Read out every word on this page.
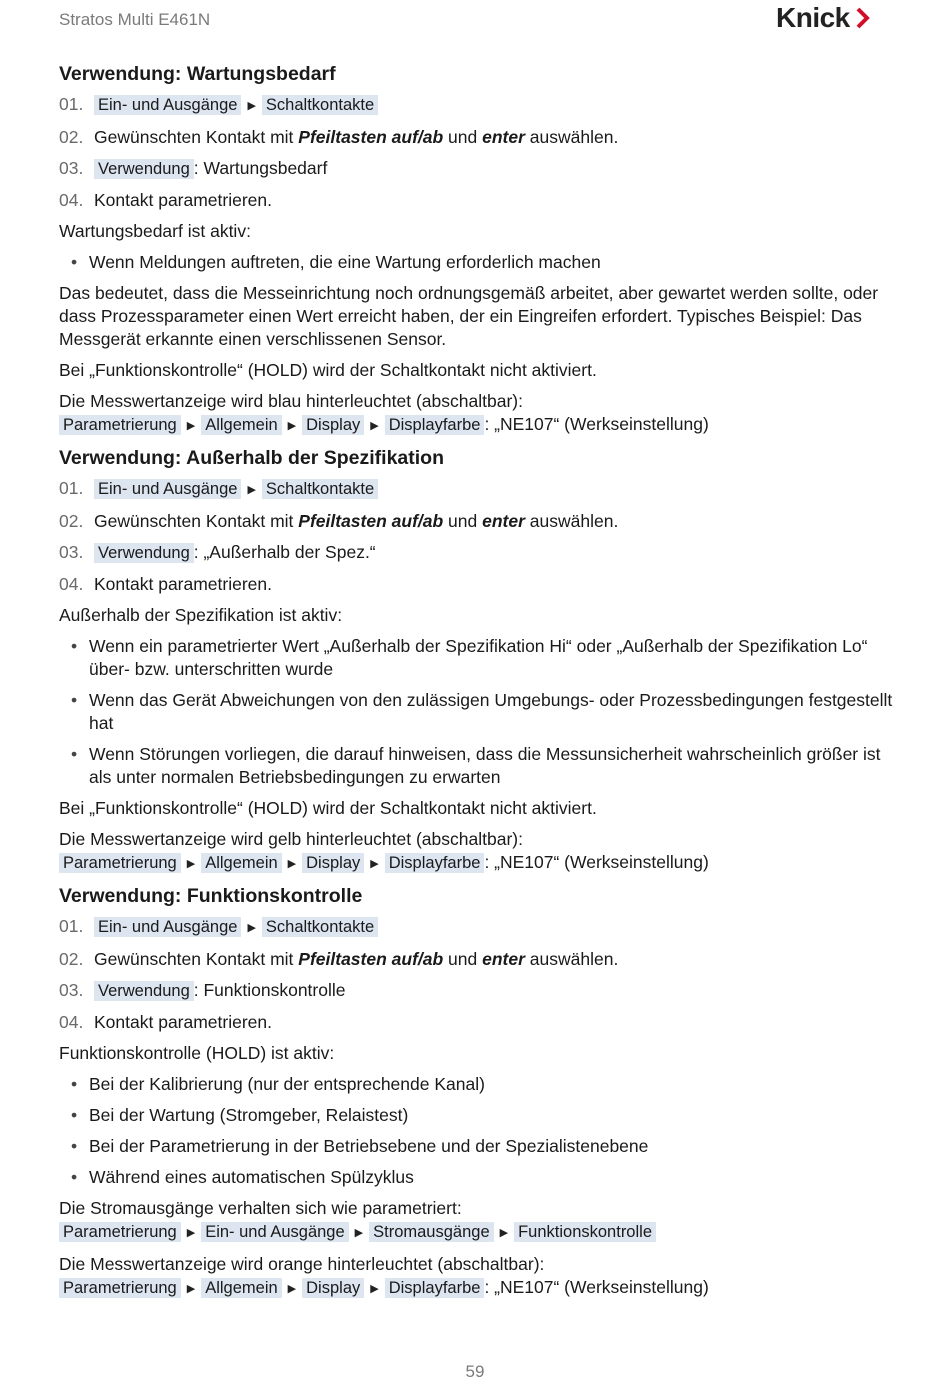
Stratos Multi E461N	Knick
Verwendung: Wartungsbedarf
01. Ein- und Ausgänge ▶ Schaltkontakte
02. Gewünschten Kontakt mit Pfeiltasten auf/ab und enter auswählen.
03. Verwendung : Wartungsbedarf
04. Kontakt parametrieren.

Wartungsbedarf ist aktiv:

• Wenn Meldungen auftreten, die eine Wartung erforderlich machen

Das bedeutet, dass die Messeinrichtung noch ordnungsgemäß arbeitet, aber gewartet werden sollte, oder dass Prozessparameter einen Wert erreicht haben, der ein Eingreifen erfordert. Typisches Beispiel: Das Messgerät erkannte einen verschlissenen Sensor.

Bei „Funktionskontrolle“ (HOLD) wird der Schaltkontakt nicht aktiviert.

Die Messwertanzeige wird blau hinterleuchtet (abschaltbar):
Parametrierung ▶ Allgemein ▶ Display ▶ Displayfarbe : „NE107“ (Werkseinstellung)

Verwendung: Außerhalb der Spezifikation
01. Ein- und Ausgänge ▶ Schaltkontakte
02. Gewünschten Kontakt mit Pfeiltasten auf/ab und enter auswählen.
03. Verwendung : „Außerhalb der Spez.“
04. Kontakt parametrieren.

Außerhalb der Spezifikation ist aktiv:

• Wenn ein parametrierter Wert „Außerhalb der Spezifikation Hi“ oder „Außerhalb der Spezifikation Lo“ über- bzw. unterschritten wurde
• Wenn das Gerät Abweichungen von den zulässigen Umgebungs- oder Prozessbedingungen festgestellt hat
• Wenn Störungen vorliegen, die darauf hinweisen, dass die Messunsicherheit wahrscheinlich größer ist als unter normalen Betriebsbedingungen zu erwarten

Bei „Funktionskontrolle“ (HOLD) wird der Schaltkontakt nicht aktiviert.

Die Messwertanzeige wird gelb hinterleuchtet (abschaltbar):
Parametrierung ▶ Allgemein ▶ Display ▶ Displayfarbe : „NE107“ (Werkseinstellung)

Verwendung: Funktionskontrolle
01. Ein- und Ausgänge ▶ Schaltkontakte
02. Gewünschten Kontakt mit Pfeiltasten auf/ab und enter auswählen.
03. Verwendung : Funktionskontrolle
04. Kontakt parametrieren.

Funktionskontrolle (HOLD) ist aktiv:

• Bei der Kalibrierung (nur der entsprechende Kanal)
• Bei der Wartung (Stromgeber, Relaistest)
• Bei der Parametrierung in der Betriebsebene und der Spezialistenebene
• Während eines automatischen Spülzyklus

Die Stromausgänge verhalten sich wie parametriert:
Parametrierung ▶ Ein- und Ausgänge ▶ Stromausgänge ▶ Funktionskontrolle

Die Messwertanzeige wird orange hinterleuchtet (abschaltbar):
Parametrierung ▶ Allgemein ▶ Display ▶ Displayfarbe : „NE107“ (Werkseinstellung)

59
